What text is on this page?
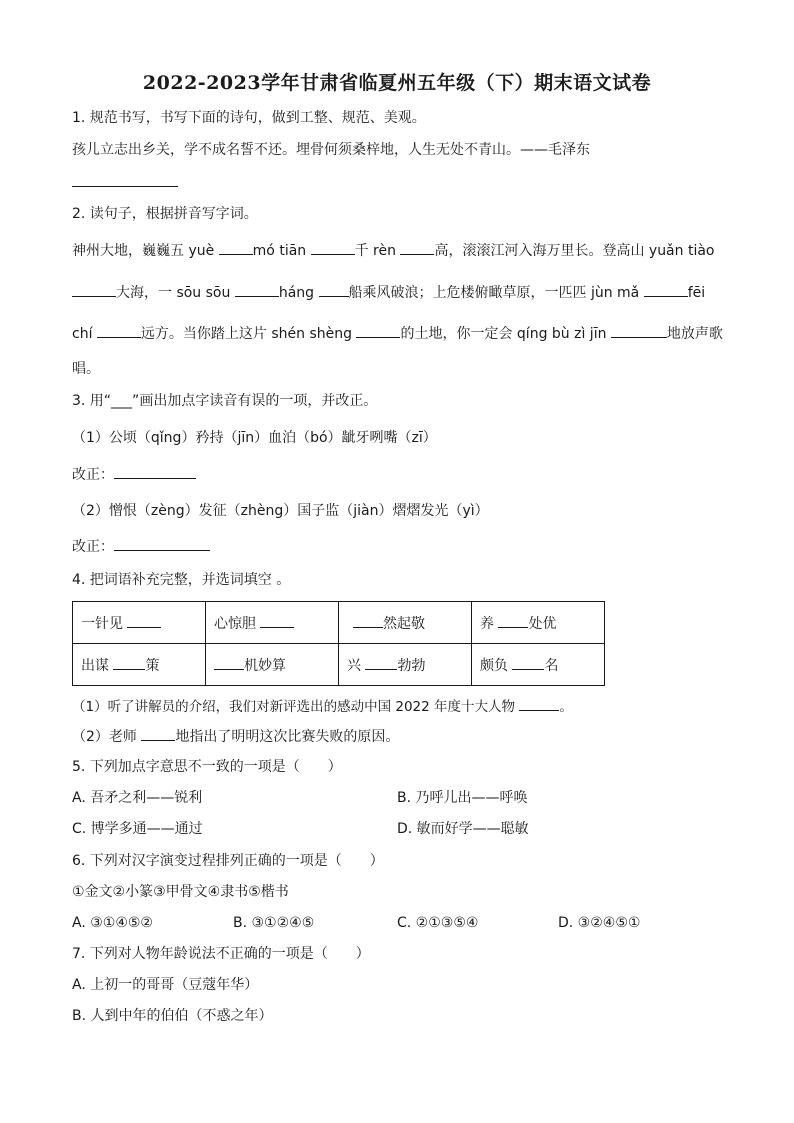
2022-2023学年甘肃省临夏州五年级（下）期末语文试卷
1. 规范书写，书写下面的诗句，做到工整、规范、美观。
孩儿立志出乡关，学不成名誓不还。埋骨何须桑梓地，人生无处不青山。——毛泽东
2. 读句子，根据拼音写字词。
神州大地，巍巍五 yuè mó tiān	千 rèn 高，滚滚江河入海万里长。登高山 yuǎn tiào
大海，一 sōu sōu	háng 船乘风破浪；上危楼俯瞰草原，一匹匹 jùn mǎ	fēi
chí	远方。当你踏上这片 shén shèng	的土地，你一定会 qíng bù zì jīn	地放声歌
唱。
3. 用“___”画出加点字读音有误的一项，并改正。
（1）公顷（qǐng）矜持（jīn）血泊（bó）龇牙咧嘴（zī）
改正：
（2）憎恨（zèng）发征（zhèng）国子监（jiàn）熠熠发光（yì）
改正：
4. 把词语补充完整，并选词填空 。
一针见	心惊胆	然起敬	养 处优
出谋 策	机妙算	兴 勃勃	颇负 名
（1）听了讲解员的介绍，我们对新评选出的感动中国 2022 年度十大人物	。
（2）老师 地指出了明明这次比赛失败的原因。
5. 下列加点字意思不一致的一项是（　　）
A. 吾矛之利——锐利	B. 乃呼儿出——呼唤
C. 博学多通——通过	D. 敏而好学——聪敏
6. 下列对汉字演变过程排列正确的一项是（　　）
①金文②小篆③甲骨文④隶书⑤楷书
A. ③①④⑤②	B. ③①②④⑤	C. ②①③⑤④	D. ③②④⑤①
7. 下列对人物年龄说法不正确的一项是（　　）
A. 上初一的哥哥（豆蔻年华）
B. 人到中年的伯伯（不惑之年）
